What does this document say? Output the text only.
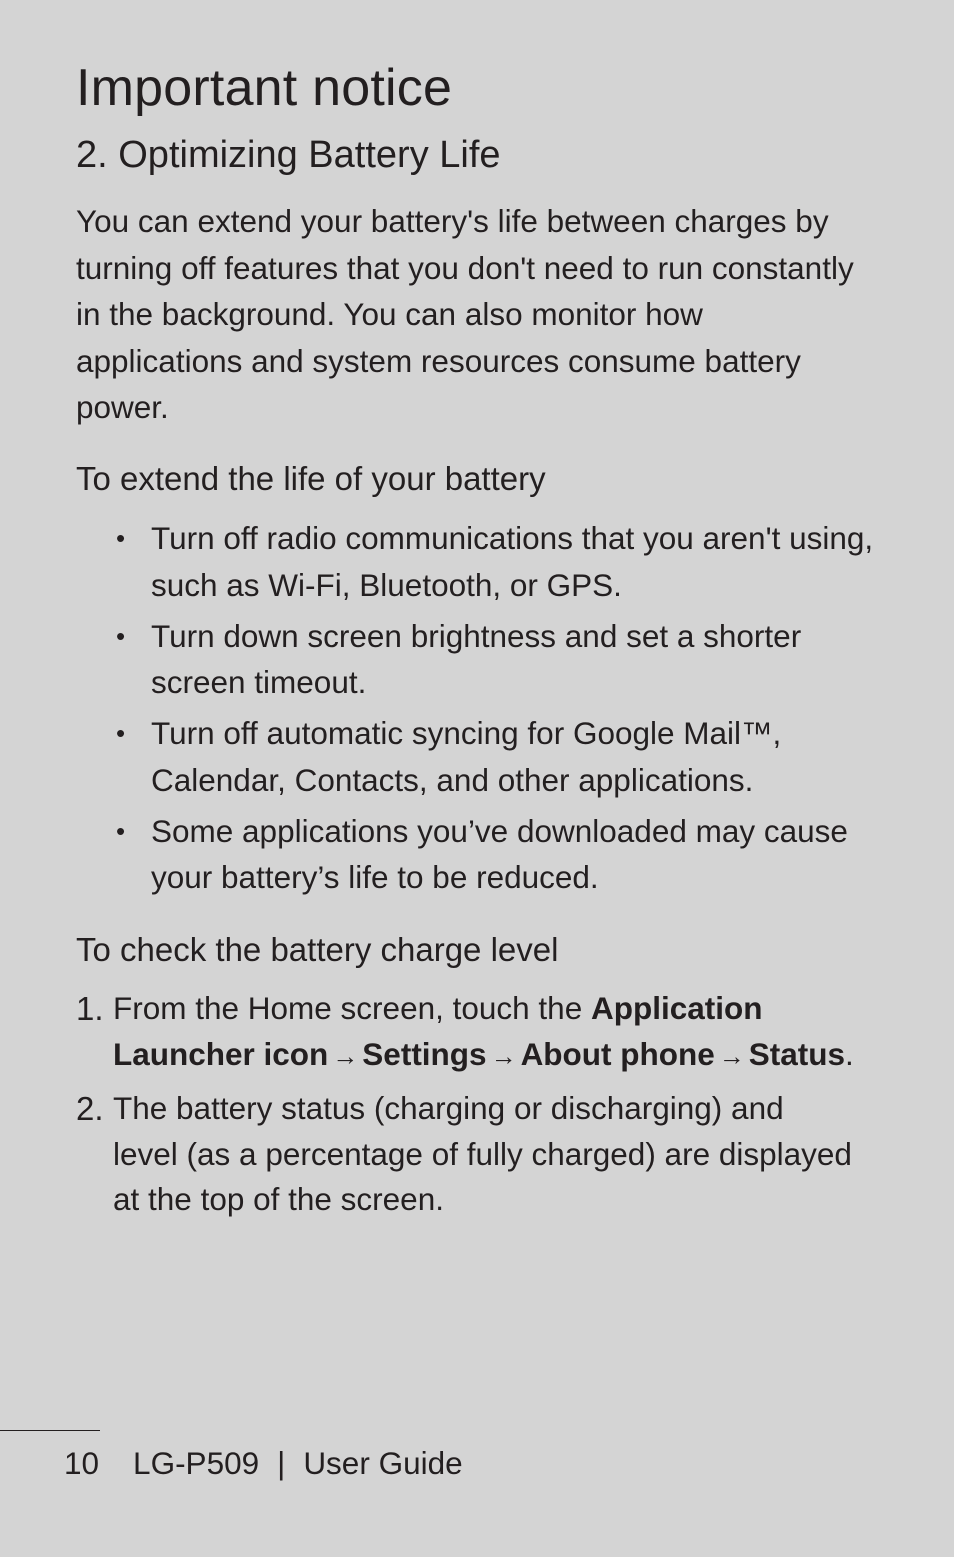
Important notice
2. Optimizing Battery Life

You can extend your battery's life between charges by turning off features that you don't need to run constantly in the background. You can also monitor how applications and system resources consume battery power.

To extend the life of your battery
• Turn off radio communications that you aren't using, such as Wi-Fi, Bluetooth, or GPS.
• Turn down screen brightness and set a shorter screen timeout.
• Turn off automatic syncing for Google Mail™, Calendar, Contacts, and other applications.
• Some applications you’ve downloaded may cause your battery’s life to be reduced.
To check the battery charge level
1. From the Home screen, touch the Application Launcher icon → Settings → About phone → Status.
2. The battery status (charging or discharging) and level (as a percentage of fully charged) are displayed at the top of the screen.
10 LG-P509 | User Guide
